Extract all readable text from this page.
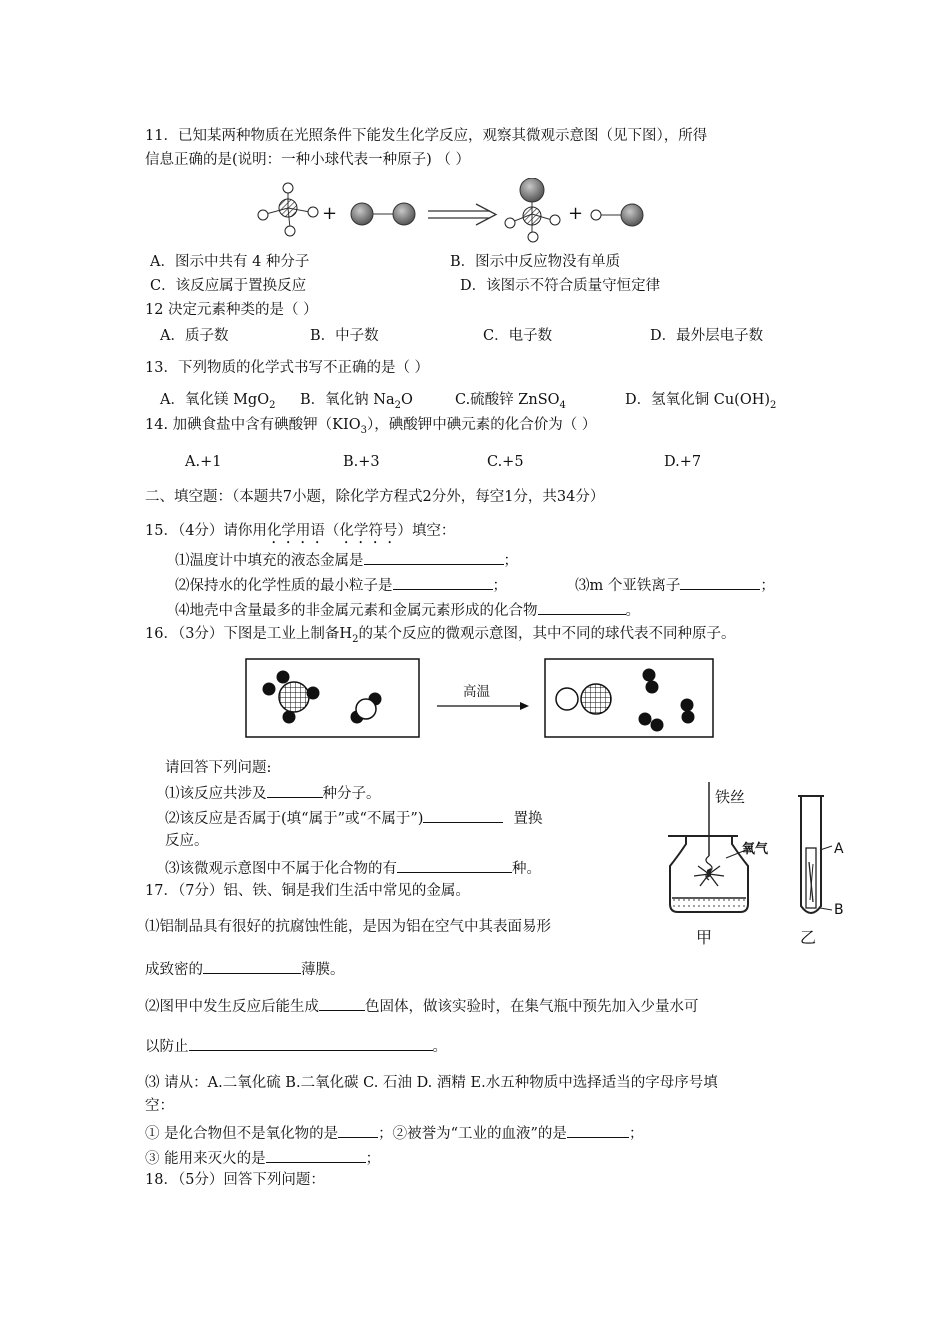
11．已知某两种物质在光照条件下能发生化学反应，观察其微观示意图（见下图），所得
信息正确的是(说明：一种小球代表一种原子) （ ）
+	+
A．图示中共有 4 种分子	B．图示中反应物没有单质
C．该反应属于置换反应	D．该图示不符合质量守恒定律
12 决定元素种类的是（ ）
A．质子数	B．中子数	C．电子数	D．最外层电子数
13．下列物质的化学式书写不正确的是（ ）
A．氧化镁 MgO$_2$ B．氧化钠 $Na_2O$	C.硫酸锌 ZnSO$_4$	D．氢氧化铜 $Cu(OH)_2$
14. 加碘食盐中含有碘酸钾$(KIO_3)$，碘酸钾中碘元素的化合价为（ ）
A.+1	B.+3	C.+5	D.+7
二、填空题：（本题共7小题，除化学方程式2分外，每空1分，共34分）
15．（4分）请你用化学用语（化学符号）填空：
⑴温度计中填充的液态金属是	；
⑵保持水的化学性质的最小粒子是	；	⑶m 个亚铁离子	；
⑷地壳中含量最多的非金属元素和金属元素形成的化合物	。
16．（3分）下图是工业上制备$H_2$的某个反应的微观示意图，其中不同的球代表不同种原子。
高温
请回答下列问题:
⑴该反应共涉及	种分子。
⑵该反应是否属于(填“属于”或“不属于”)	置换
反应。
⑶该微观示意图中不属于化合物的有	种。
铁丝
氧气	A
B
甲	乙
17．（7分）铝、铁、铜是我们生活中常见的金属。
⑴铝制品具有很好的抗腐蚀性能，是因为铝在空气中其表面易形
成致密的	薄膜。
⑵图甲中发生反应后能生成	色固体，做该实验时，在集气瓶中预先加入少量水可
以防止	。
⑶ 请从：A.二氧化硫 B.二氧化碳 C. 石油 D. 酒精 E.水五种物质中选择适当的字母序号填
空：
① 是化合物但不是氧化物的是	；②被誉为“工业的血液”的是	；
③ 能用来灭火的是	；
18．（5分）回答下列问题：
